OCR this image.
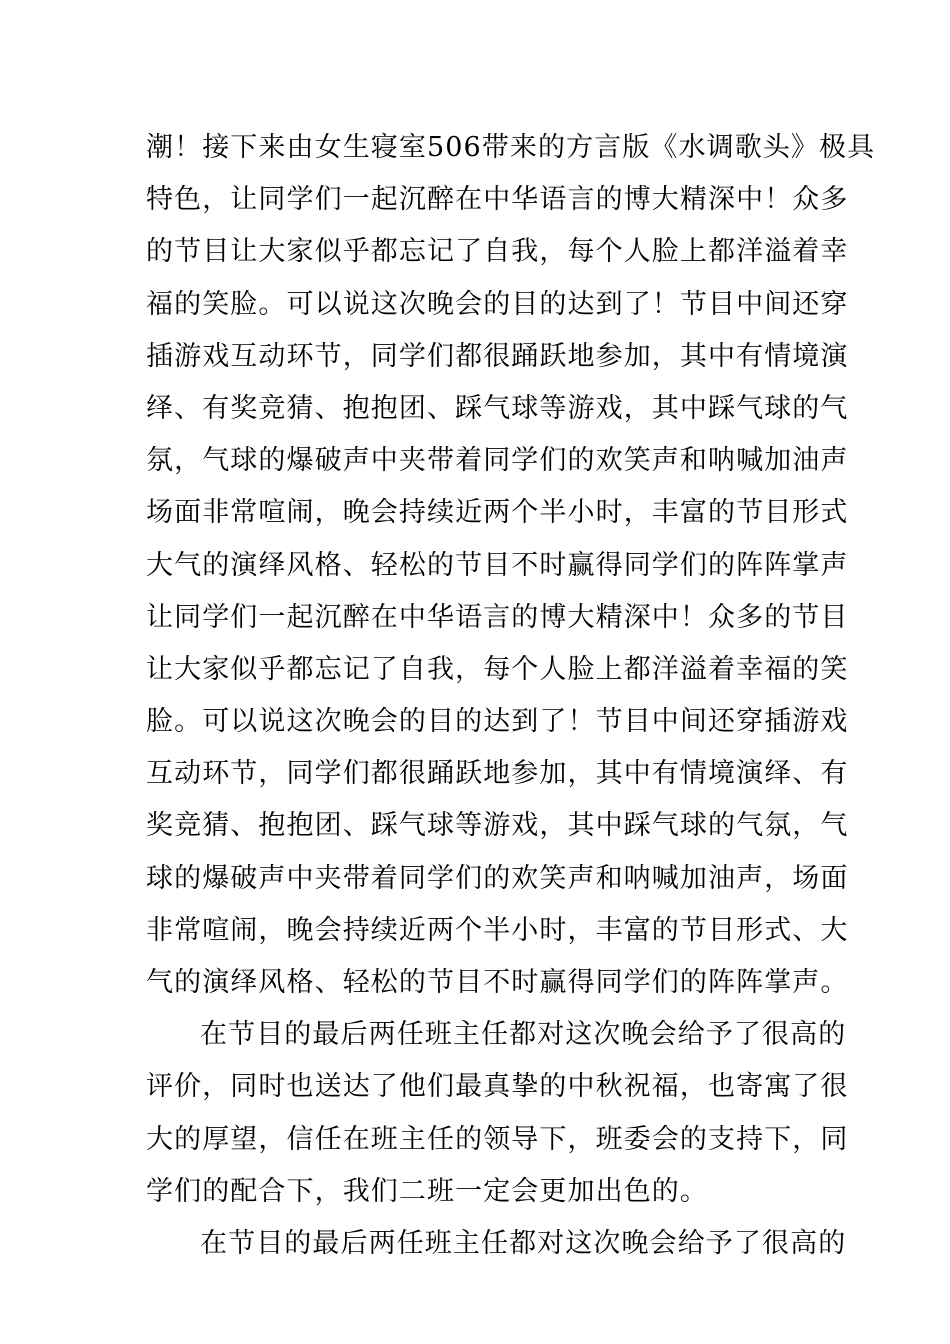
潮！接下来由女生寝室506带来的方言版《水调歌头》极具
特色，让同学们一起沉醉在中华语言的博大精深中！众多
的节目让大家似乎都忘记了自我，每个人脸上都洋溢着幸
福的笑脸。可以说这次晚会的目的达到了！节目中间还穿
插游戏互动环节，同学们都很踊跃地参加，其中有情境演
绎、有奖竞猜、抱抱团、踩气球等游戏，其中踩气球的气
氛，气球的爆破声中夹带着同学们的欢笑声和呐喊加油声
场面非常喧闹，晚会持续近两个半小时，丰富的节目形式
大气的演绎风格、轻松的节目不时赢得同学们的阵阵掌声
让同学们一起沉醉在中华语言的博大精深中！众多的节目
让大家似乎都忘记了自我，每个人脸上都洋溢着幸福的笑
脸。可以说这次晚会的目的达到了！节目中间还穿插游戏
互动环节，同学们都很踊跃地参加，其中有情境演绎、有
奖竞猜、抱抱团、踩气球等游戏，其中踩气球的气氛，气
球的爆破声中夹带着同学们的欢笑声和呐喊加油声，场面
非常喧闹，晚会持续近两个半小时，丰富的节目形式、大
气的演绎风格、轻松的节目不时赢得同学们的阵阵掌声。
在节目的最后两任班主任都对这次晚会给予了很高的
评价，同时也送达了他们最真挚的中秋祝福，也寄寓了很
大的厚望，信任在班主任的领导下，班委会的支持下，同
学们的配合下，我们二班一定会更加出色的。
在节目的最后两任班主任都对这次晚会给予了很高的
